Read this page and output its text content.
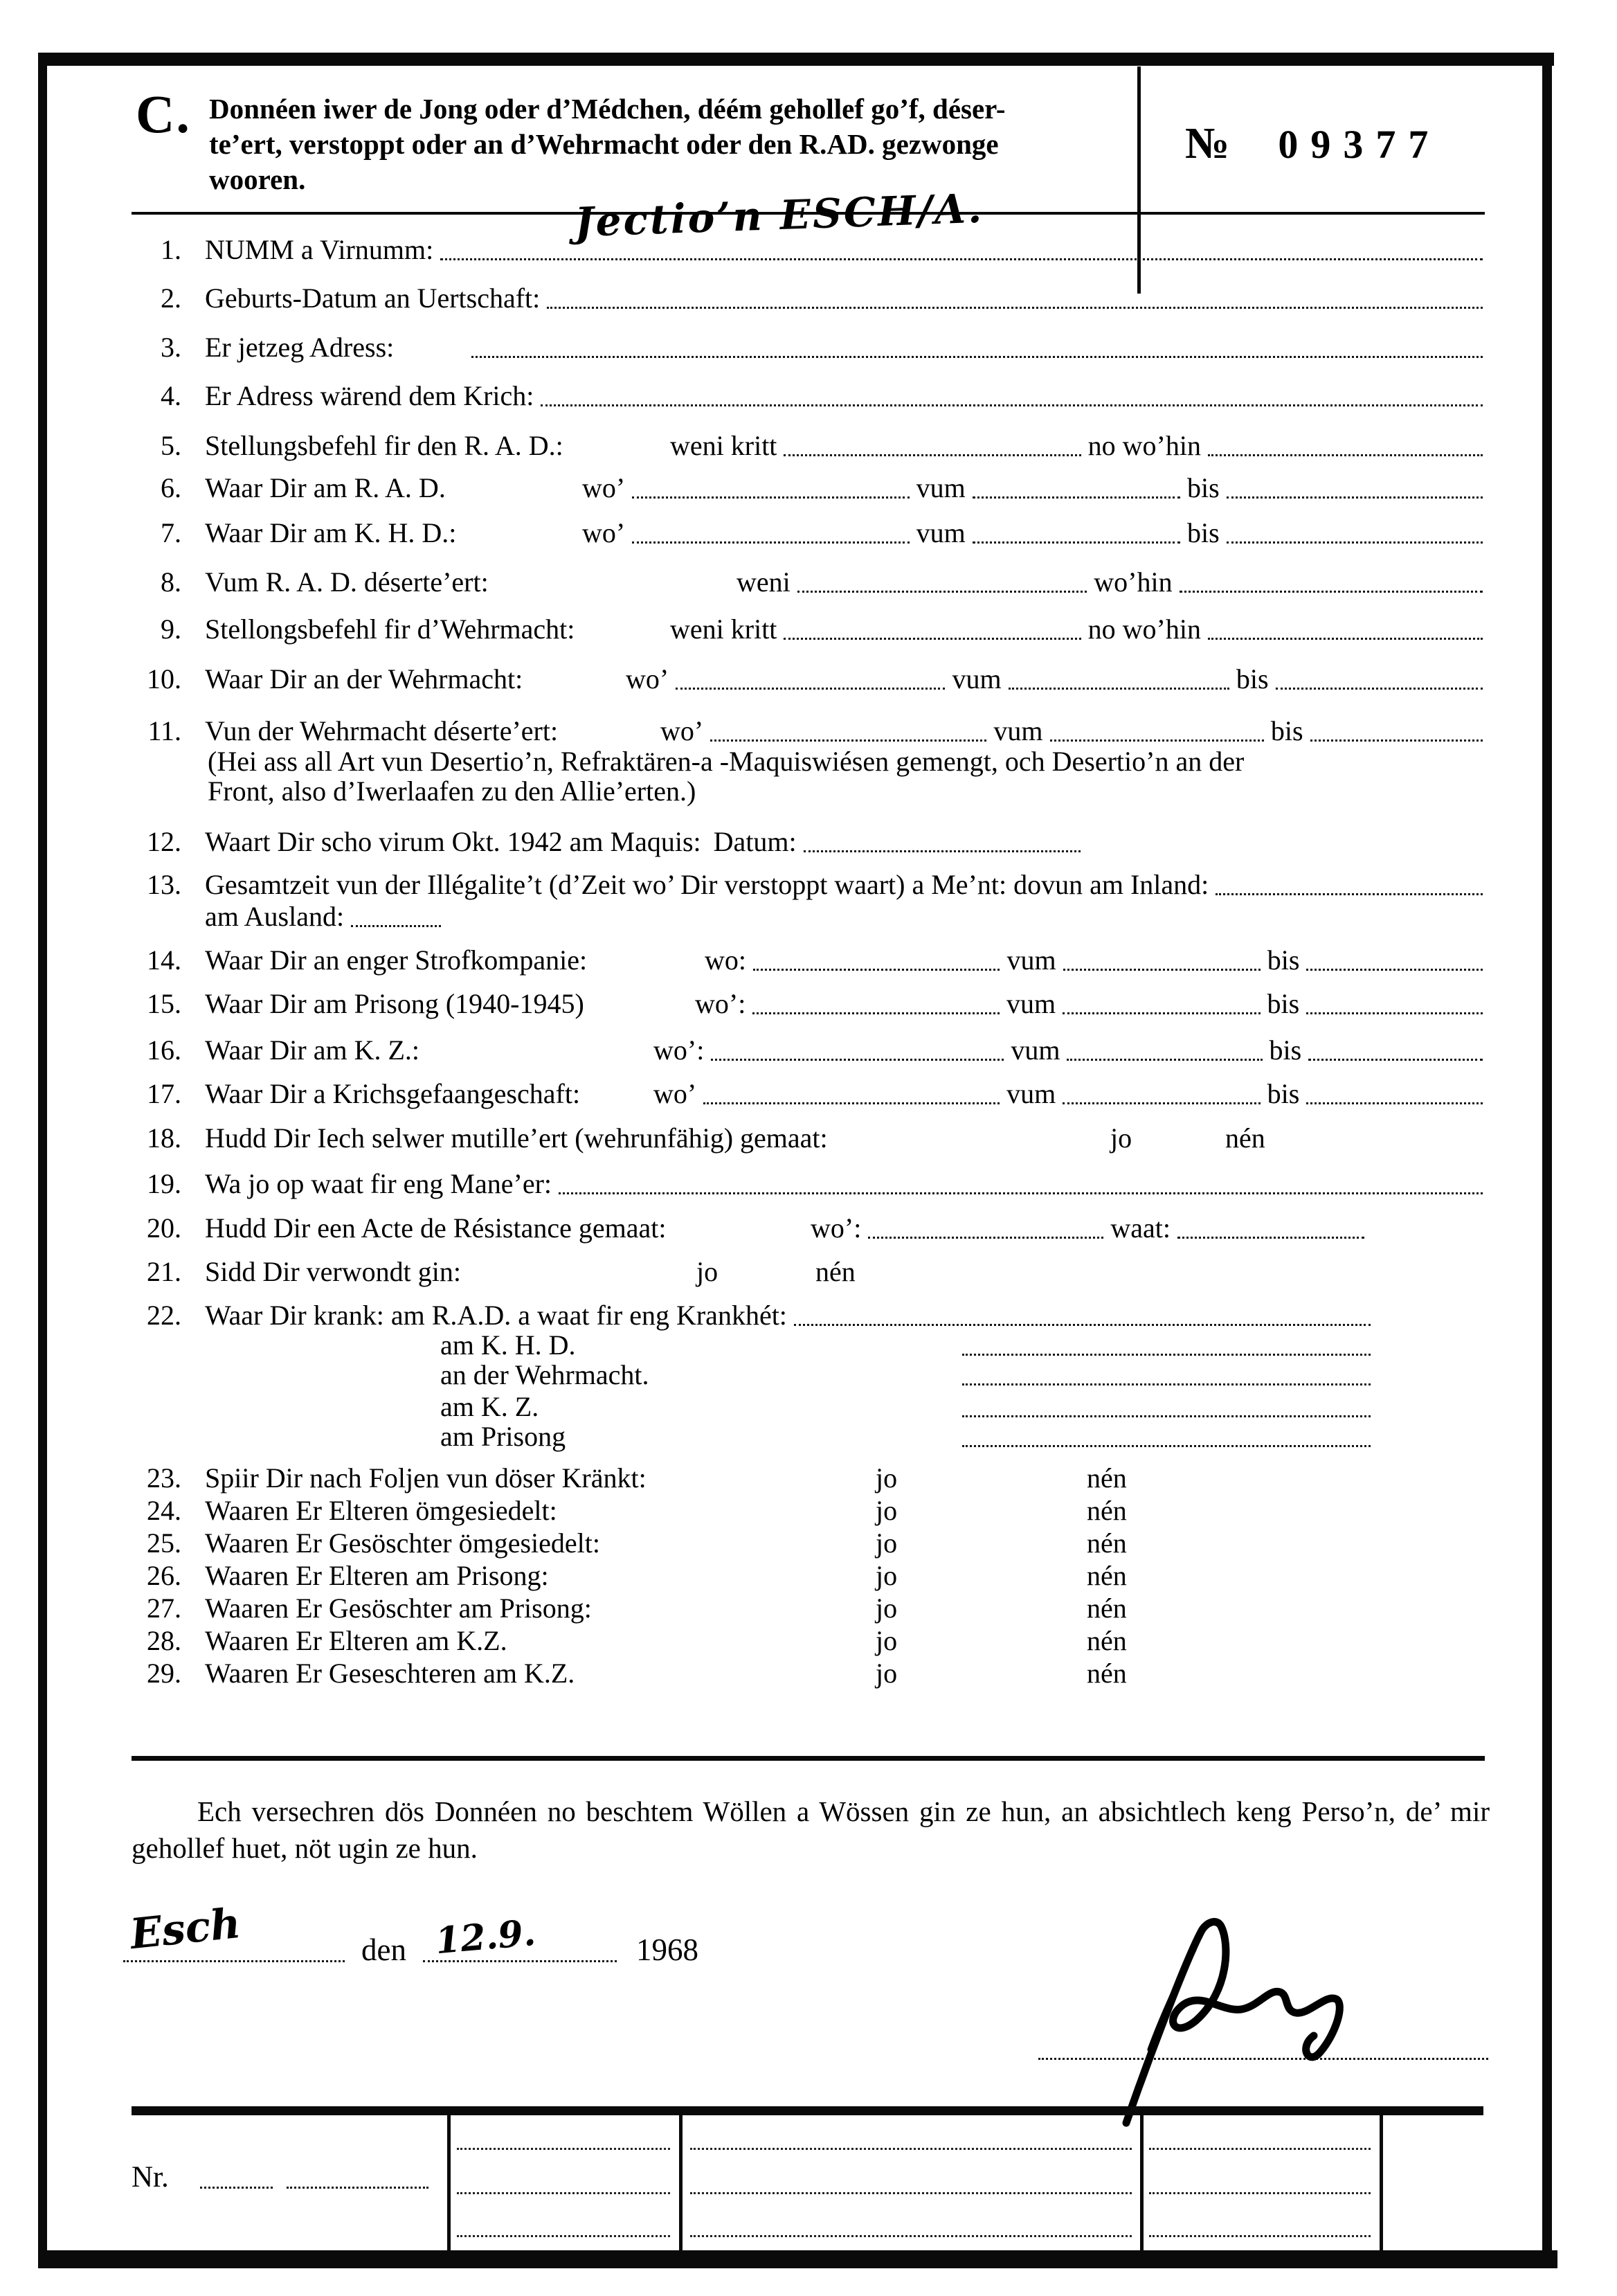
C. Donnéen iwer de Jong oder d’Médchen, déém gehollef go’f, déser-
te’ert, verstoppt oder an d’Wehrmacht oder den R.AD. gezwonge
wooren.
№ 09377
1. NUMM a Virnumm:
Jectio’n ESCH/A.
2. Geburts-Datum an Uertschaft:
3. Er jetzeg Adress:
4. Er Adress wärend dem Krich:
5. Stellungsbefehl fir den R. A. D.:	weni kritt	no wo’hin
6. Waar Dir am R. A. D.	wo’	vum	bis
7. Waar Dir am K. H. D.:	wo’	vum	bis
8. Vum R. A. D. déserte’ert:	weni	wo’hin
9. Stellongsbefehl fir d’Wehrmacht:	weni kritt	no wo’hin
10. Waar Dir an der Wehrmacht:	wo’	vum	bis
11. Vun der Wehrmacht déserte’ert:	wo’	vum	bis
(Hei ass all Art vun Desertio’n, Refraktären-a -Maquiswiésen gemengt, och Desertio’n an der
Front, also d’Iwerlaafen zu den Allie’erten.)
12. Waart Dir scho virum Okt. 1942 am Maquis: Datum:
13. Gesamtzeit vun der Illégalite’t (d’Zeit wo’ Dir verstoppt waart) a Me’nt: dovun am Inland:
am Ausland:
14. Waar Dir an enger Strofkompanie:	wo:	vum	bis
15. Waar Dir am Prisong (1940-1945)	wo’:	vum	bis
16. Waar Dir am K. Z.:	wo’:	vum	bis
17. Waar Dir a Krichsgefaangeschaft:	wo’	vum	bis
18. Hudd Dir Iech selwer mutille’ert (wehrunfähig) gemaat:	jo	nén
19. Wa jo op waat fir eng Mane’er:
20. Hudd Dir een Acte de Résistance gemaat:	wo’:	waat:
21. Sidd Dir verwondt gin:	jo	nén
22. Waar Dir krank: am R.A.D. a waat fir eng Krankhét:
am K. H. D.
an der Wehrmacht.
am K. Z.
am Prisong
23. Spiir Dir nach Foljen vun döser Kränkt:	jo	nén
24. Waaren Er Elteren ömgesiedelt:	jo	nén
25. Waaren Er Gesöschter ömgesiedelt:	jo	nén
26. Waaren Er Elteren am Prisong:	jo	nén
27. Waaren Er Gesöschter am Prisong:	jo	nén
28. Waaren Er Elteren am K.Z.	jo	nén
29. Waaren Er Geseschteren am K.Z.	jo	nén
Ech versechren dös Donnéen no beschtem Wöllen a Wössen gin ze hun, an absichtlech keng Perso’n, de’ mir gehollef huet, nöt ugin ze hun.
Esch	den 12.9.	1968
Nr.
